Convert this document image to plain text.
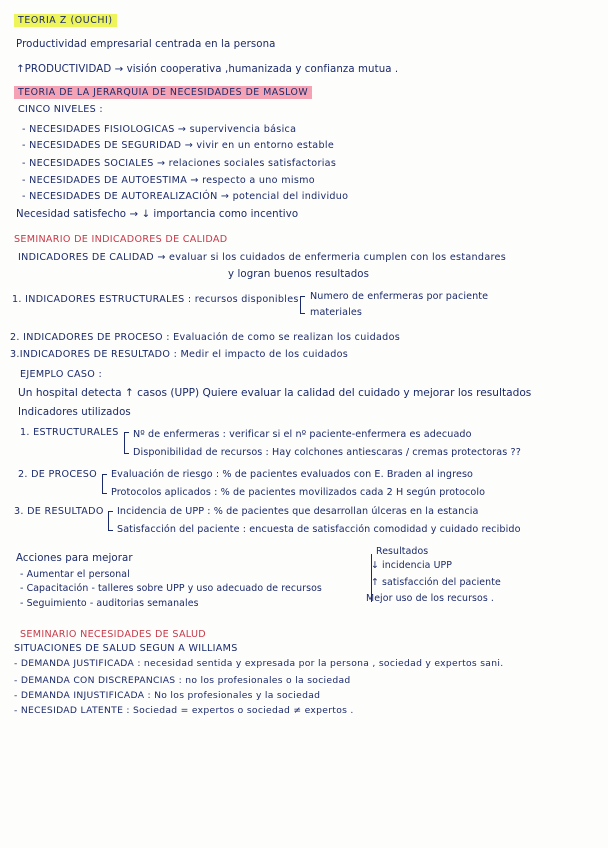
TEORIA Z (OUCHI)
Productividad empresarial centrada en la persona
↑PRODUCTIVIDAD → visión cooperativa ,humanizada y confianza mutua .
TEORIA DE LA JERARQUIA DE NECESIDADES DE MASLOW
CINCO NIVELES :
- NECESIDADES FISIOLOGICAS → supervivencia básica
- NECESIDADES DE SEGURIDAD → vivir en un entorno estable
- NECESIDADES SOCIALES → relaciones sociales satisfactorias
- NECESIDADES DE AUTOESTIMA → respecto a uno mismo
- NECESIDADES DE AUTOREALIZACIÓN → potencial del individuo
Necesidad satisfecho → ↓ importancia como incentivo
SEMINARIO DE INDICADORES DE CALIDAD
INDICADORES DE CALIDAD → evaluar si los cuidados de enfermeria cumplen con los estandares
y logran buenos resultados
1. INDICADORES ESTRUCTURALES : recursos disponibles Numero de enfermeras por paciente
materiales
2. INDICADORES DE PROCESO : Evaluación de como se realizan los cuidados
3.INDICADORES DE RESULTADO : Medir el impacto de los cuidados
EJEMPLO CASO :
Un hospital detecta ↑ casos (UPP) Quiere evaluar la calidad del cuidado y mejorar los resultados
Indicadores utilizados
1. ESTRUCTURALES Nº de enfermeras : verificar si el nº paciente-enfermera es adecuado
Disponibilidad de recursos : Hay colchones antiescaras / cremas protectoras ??
2. DE PROCESO Evaluación de riesgo : % de pacientes evaluados con E. Braden al ingreso
Protocolos aplicados : % de pacientes movilizados cada 2 H según protocolo
3. DE RESULTADO Incidencia de UPP : % de pacientes que desarrollan úlceras en la estancia
Satisfacción del paciente : encuesta de satisfacción comodidad y cuidado recibido
Acciones para mejorar
- Aumentar el personal
- Capacitación - talleres sobre UPP y uso adecuado de recursos
- Seguimiento - auditorias semanales
Resultados
↓ incidencia UPP
↑ satisfacción del paciente
Mejor uso de los recursos .
SEMINARIO NECESIDADES DE SALUD
SITUACIONES DE SALUD SEGUN A WILLIAMS
- DEMANDA JUSTIFICADA : necesidad sentida y expresada por la persona , sociedad y expertos sani.
- DEMANDA CON DISCREPANCIAS : no los profesionales o la sociedad
- DEMANDA INJUSTIFICADA : No los profesionales y la sociedad
- NECESIDAD LATENTE : Sociedad = expertos o sociedad ≠ expertos .
